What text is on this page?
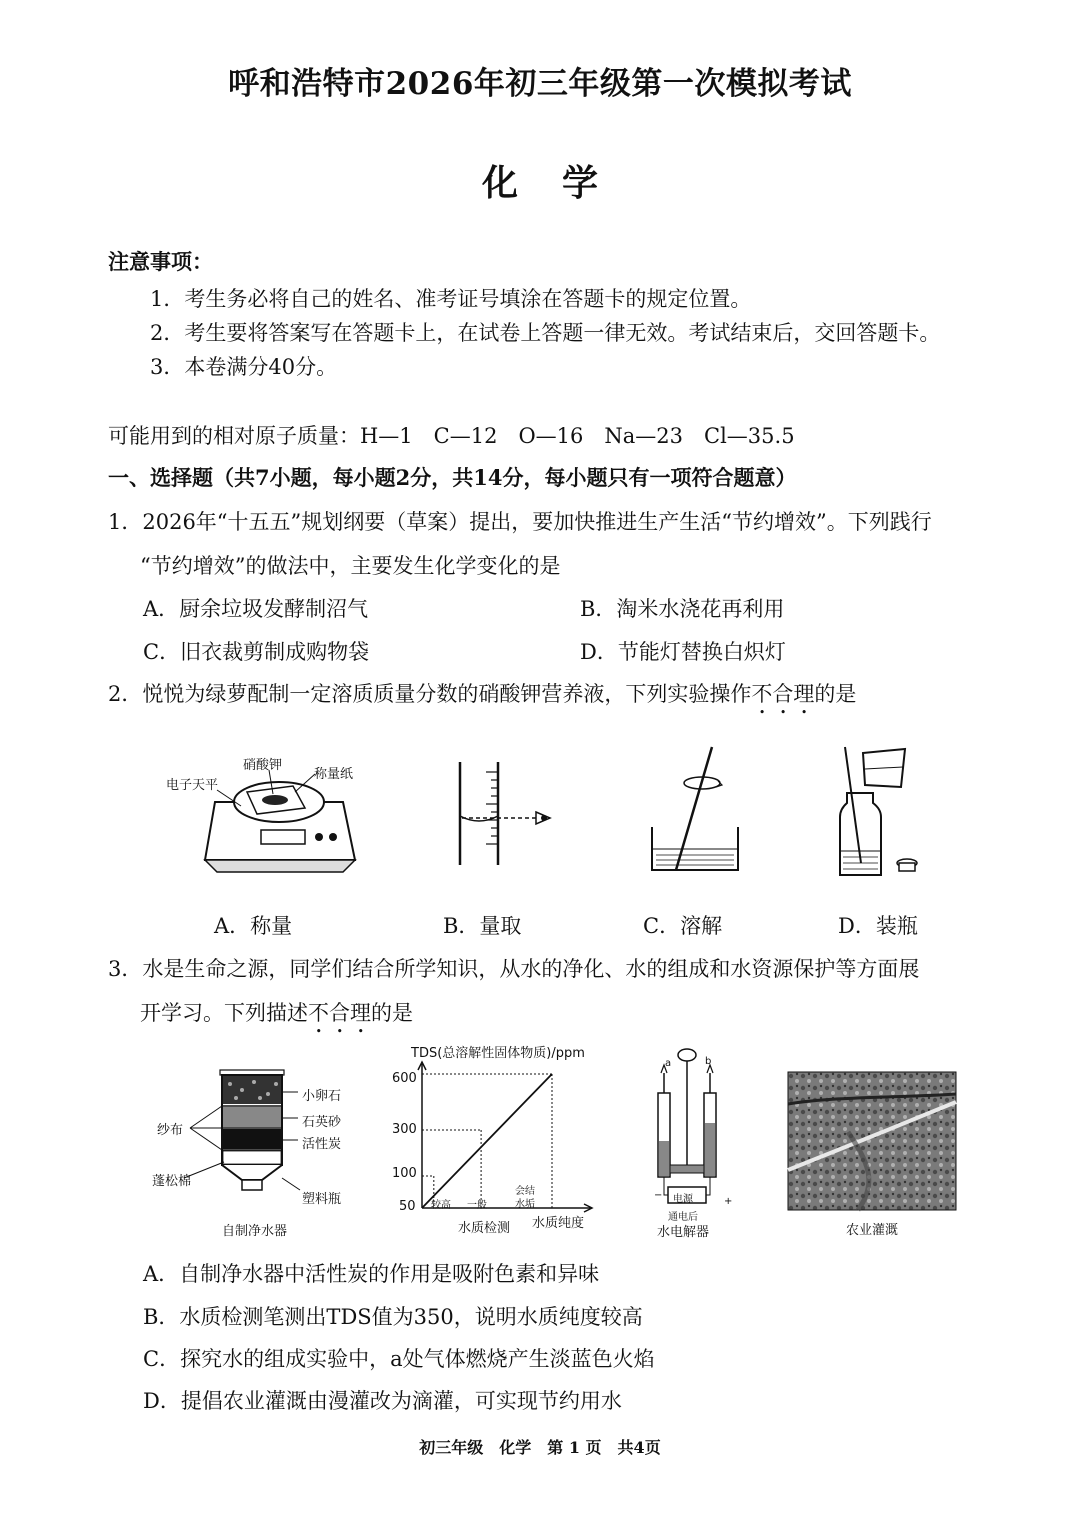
呼和浩特市2026年初三年级第一次模拟考试
化 学
注意事项：
1．考生务必将自己的姓名、准考证号填涂在答题卡的规定位置。
2．考生要将答案写在答题卡上，在试卷上答题一律无效。考试结束后，交回答题卡。
3．本卷满分40分。
可能用到的相对原子质量：H—1　C—12　O—16　Na—23　Cl—35.5
一、选择题（共7小题，每小题2分，共14分，每小题只有一项符合题意）
1．2026年“十五五”规划纲要（草案）提出，要加快推进生产生活“节约增效”。下列践行
“节约增效”的做法中，主要发生化学变化的是
A．厨余垃圾发酵制沼气	B．淘米水浇花再利用
C．旧衣裁剪制成购物袋	D．节能灯替换白炽灯
2．悦悦为绿萝配制一定溶质质量分数的硝酸钾营养液，下列实验操作不合理的是
电子天平
硝酸钾
称量纸
A．称量	B．量取	C．溶解	D．装瓶
3．水是生命之源，同学们结合所学知识，从水的净化、水的组成和水资源保护等方面展
开学习。下列描述不合理的是
小卵石
石英砂
活性炭
纱布
蓬松棉
塑料瓶
自制净水器
TDS(总溶解性固体物质)/ppm
600
300
100
50 较高 一般
会结
水垢
水质检测 水质纯度
a	b
电源
−
+
通电后
水电解器	农业灌溉
A．自制净水器中活性炭的作用是吸附色素和异味
B．水质检测笔测出TDS值为350，说明水质纯度较高
C．探究水的组成实验中，a处气体燃烧产生淡蓝色火焰
D．提倡农业灌溉由漫灌改为滴灌，可实现节约用水
初三年级　化学　第 1 页　共4页
